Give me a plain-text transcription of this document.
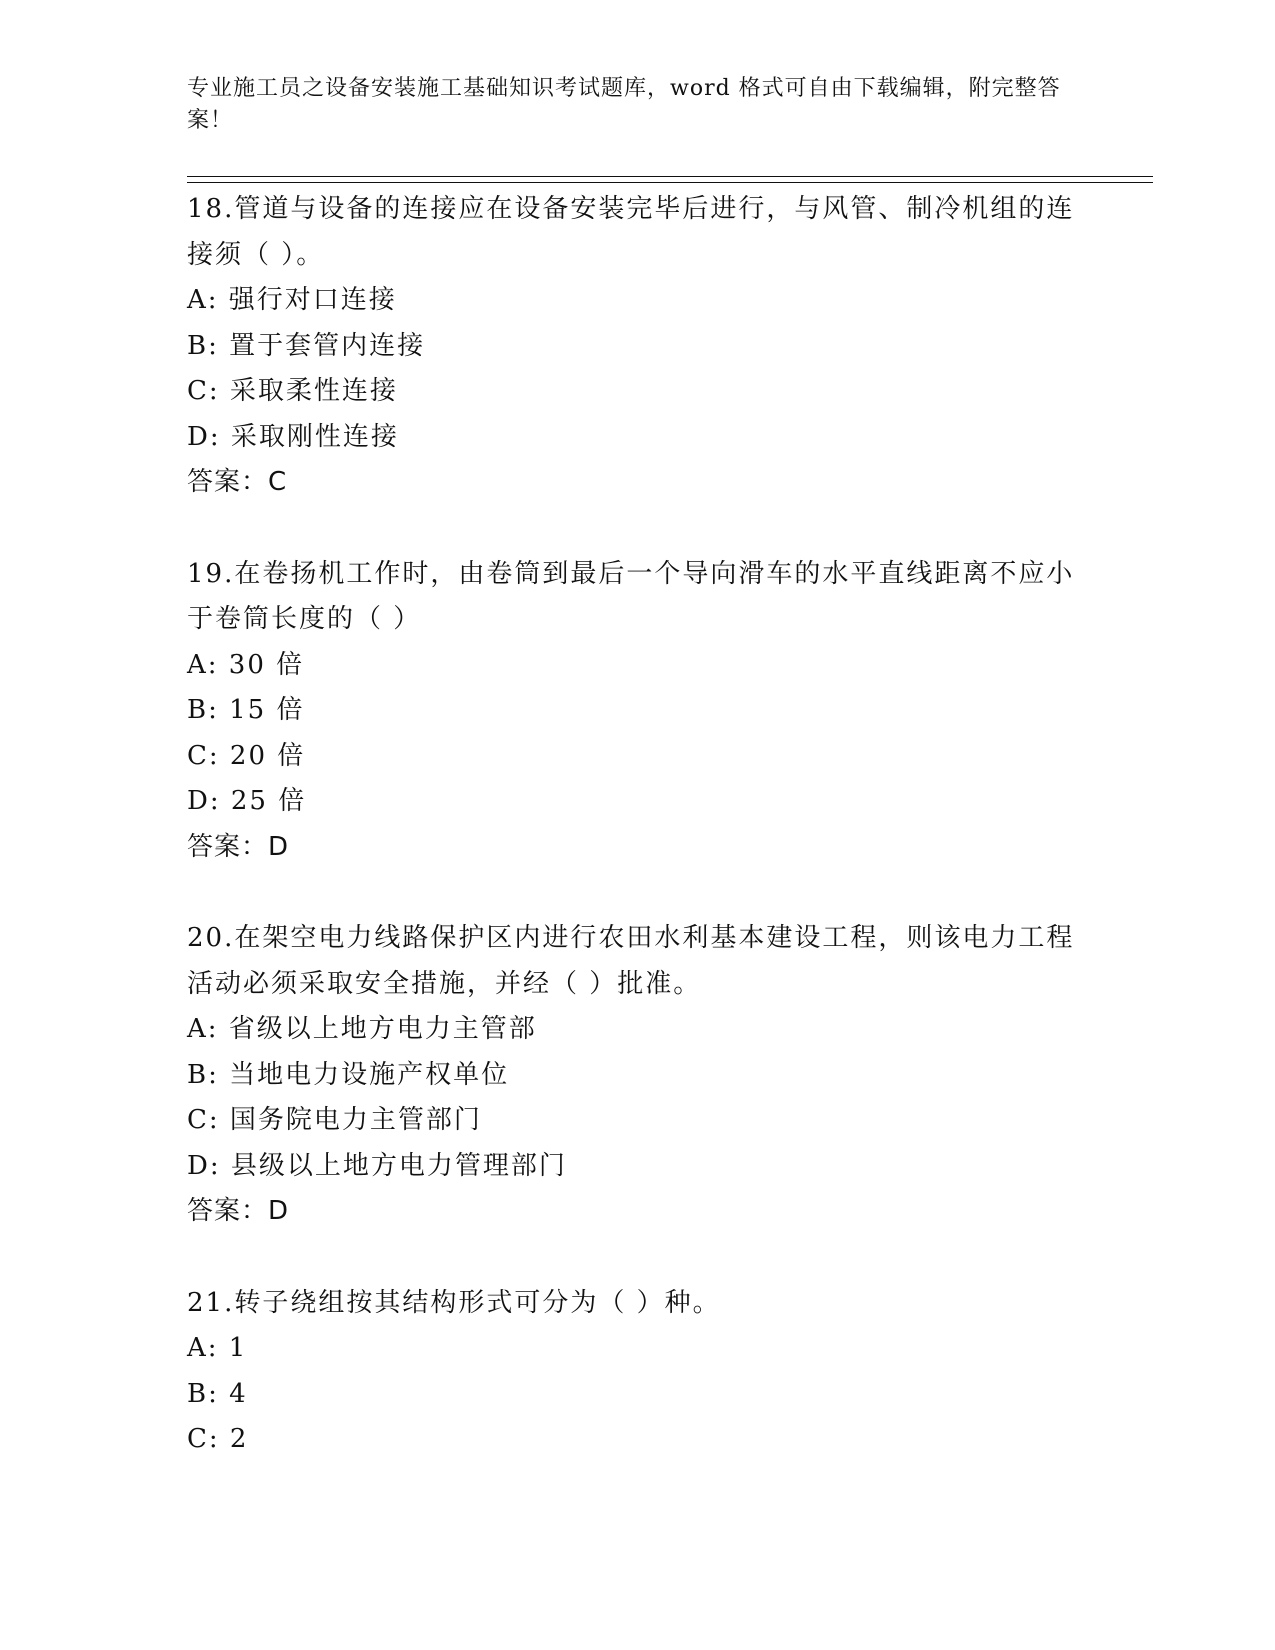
专业施工员之设备安装施工基础知识考试题库，word 格式可自由下载编辑，附完整答案！
18.管道与设备的连接应在设备安装完毕后进行，与风管、制冷机组的连接须（ ）。
A: 强行对口连接
B: 置于套管内连接
C: 采取柔性连接
D: 采取刚性连接
答案：C
19.在卷扬机工作时，由卷筒到最后一个导向滑车的水平直线距离不应小于卷筒长度的（ ）
A: 30 倍
B: 15 倍
C: 20 倍
D: 25 倍
答案：D
20.在架空电力线路保护区内进行农田水利基本建设工程，则该电力工程活动必须采取安全措施，并经（ ）批准。
A: 省级以上地方电力主管部
B: 当地电力设施产权单位
C: 国务院电力主管部门
D: 县级以上地方电力管理部门
答案：D
21.转子绕组按其结构形式可分为（ ）种。
A: 1
B: 4
C: 2
